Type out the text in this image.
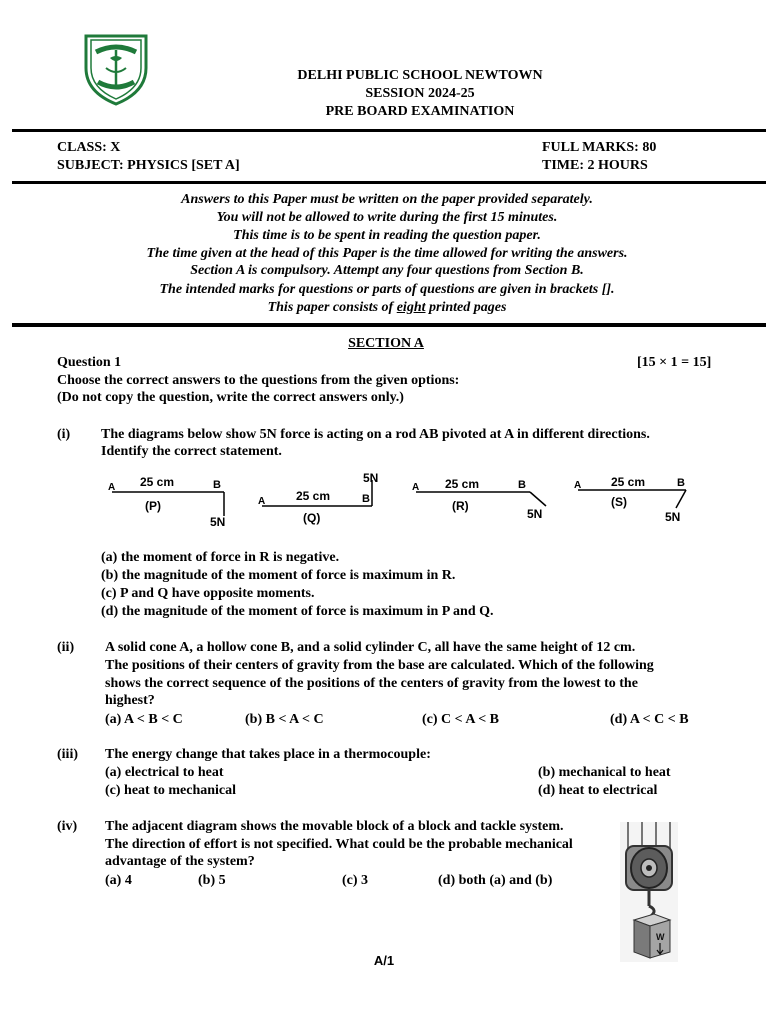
DELHI PUBLIC SCHOOL NEWTOWN
SESSION 2024-25
PRE BOARD EXAMINATION
CLASS: X
SUBJECT: PHYSICS [SET A]
FULL MARKS: 80
TIME: 2 HOURS
Answers to this Paper must be written on the paper provided separately.
You will not be allowed to write during the first 15 minutes.
This time is to be spent in reading the question paper.
The time given at the head of this Paper is the time allowed for writing the answers.
Section A is compulsory. Attempt any four questions from Section B.
The intended marks for questions or parts of questions are given in brackets [].
This paper consists of eight printed pages
SECTION A
Question 1	[15 × 1 = 15]
Choose the correct answers to the questions from the given options:
(Do not copy the question, write the correct answers only.)
(i) The diagrams below show 5N force is acting on a rod AB pivoted at A in different directions.
Identify the correct statement.
A	B
25 cm
5N
(P)	A	B
25 cm
5N
(Q)
A	B
25 cm
5N
(R)
A	B
25 cm
5N
(S)
(a) the moment of force in R is negative.
(b) the magnitude of the moment of force is maximum in R.
(c) P and Q have opposite moments.
(d) the magnitude of the moment of force is maximum in P and Q.
(ii) A solid cone A, a hollow cone B, and a solid cylinder C, all have the same height of 12 cm.
The positions of their centers of gravity from the base are calculated. Which of the following
shows the correct sequence of the positions of the centers of gravity from the lowest to the
highest?
(a) A < B < C	(b) B < A < C	(c) C < A < B	(d) A < C < B
(iii) The energy change that takes place in a thermocouple:
(a) electrical to heat	(b) mechanical to heat
(c) heat to mechanical	(d) heat to electrical
(iv) The adjacent diagram shows the movable block of a block and tackle system.
The direction of effort is not specified. What could be the probable mechanical
advantage of the system?
(a) 4	(b) 5	(c) 3	(d) both (a) and (b)
W
A/1
